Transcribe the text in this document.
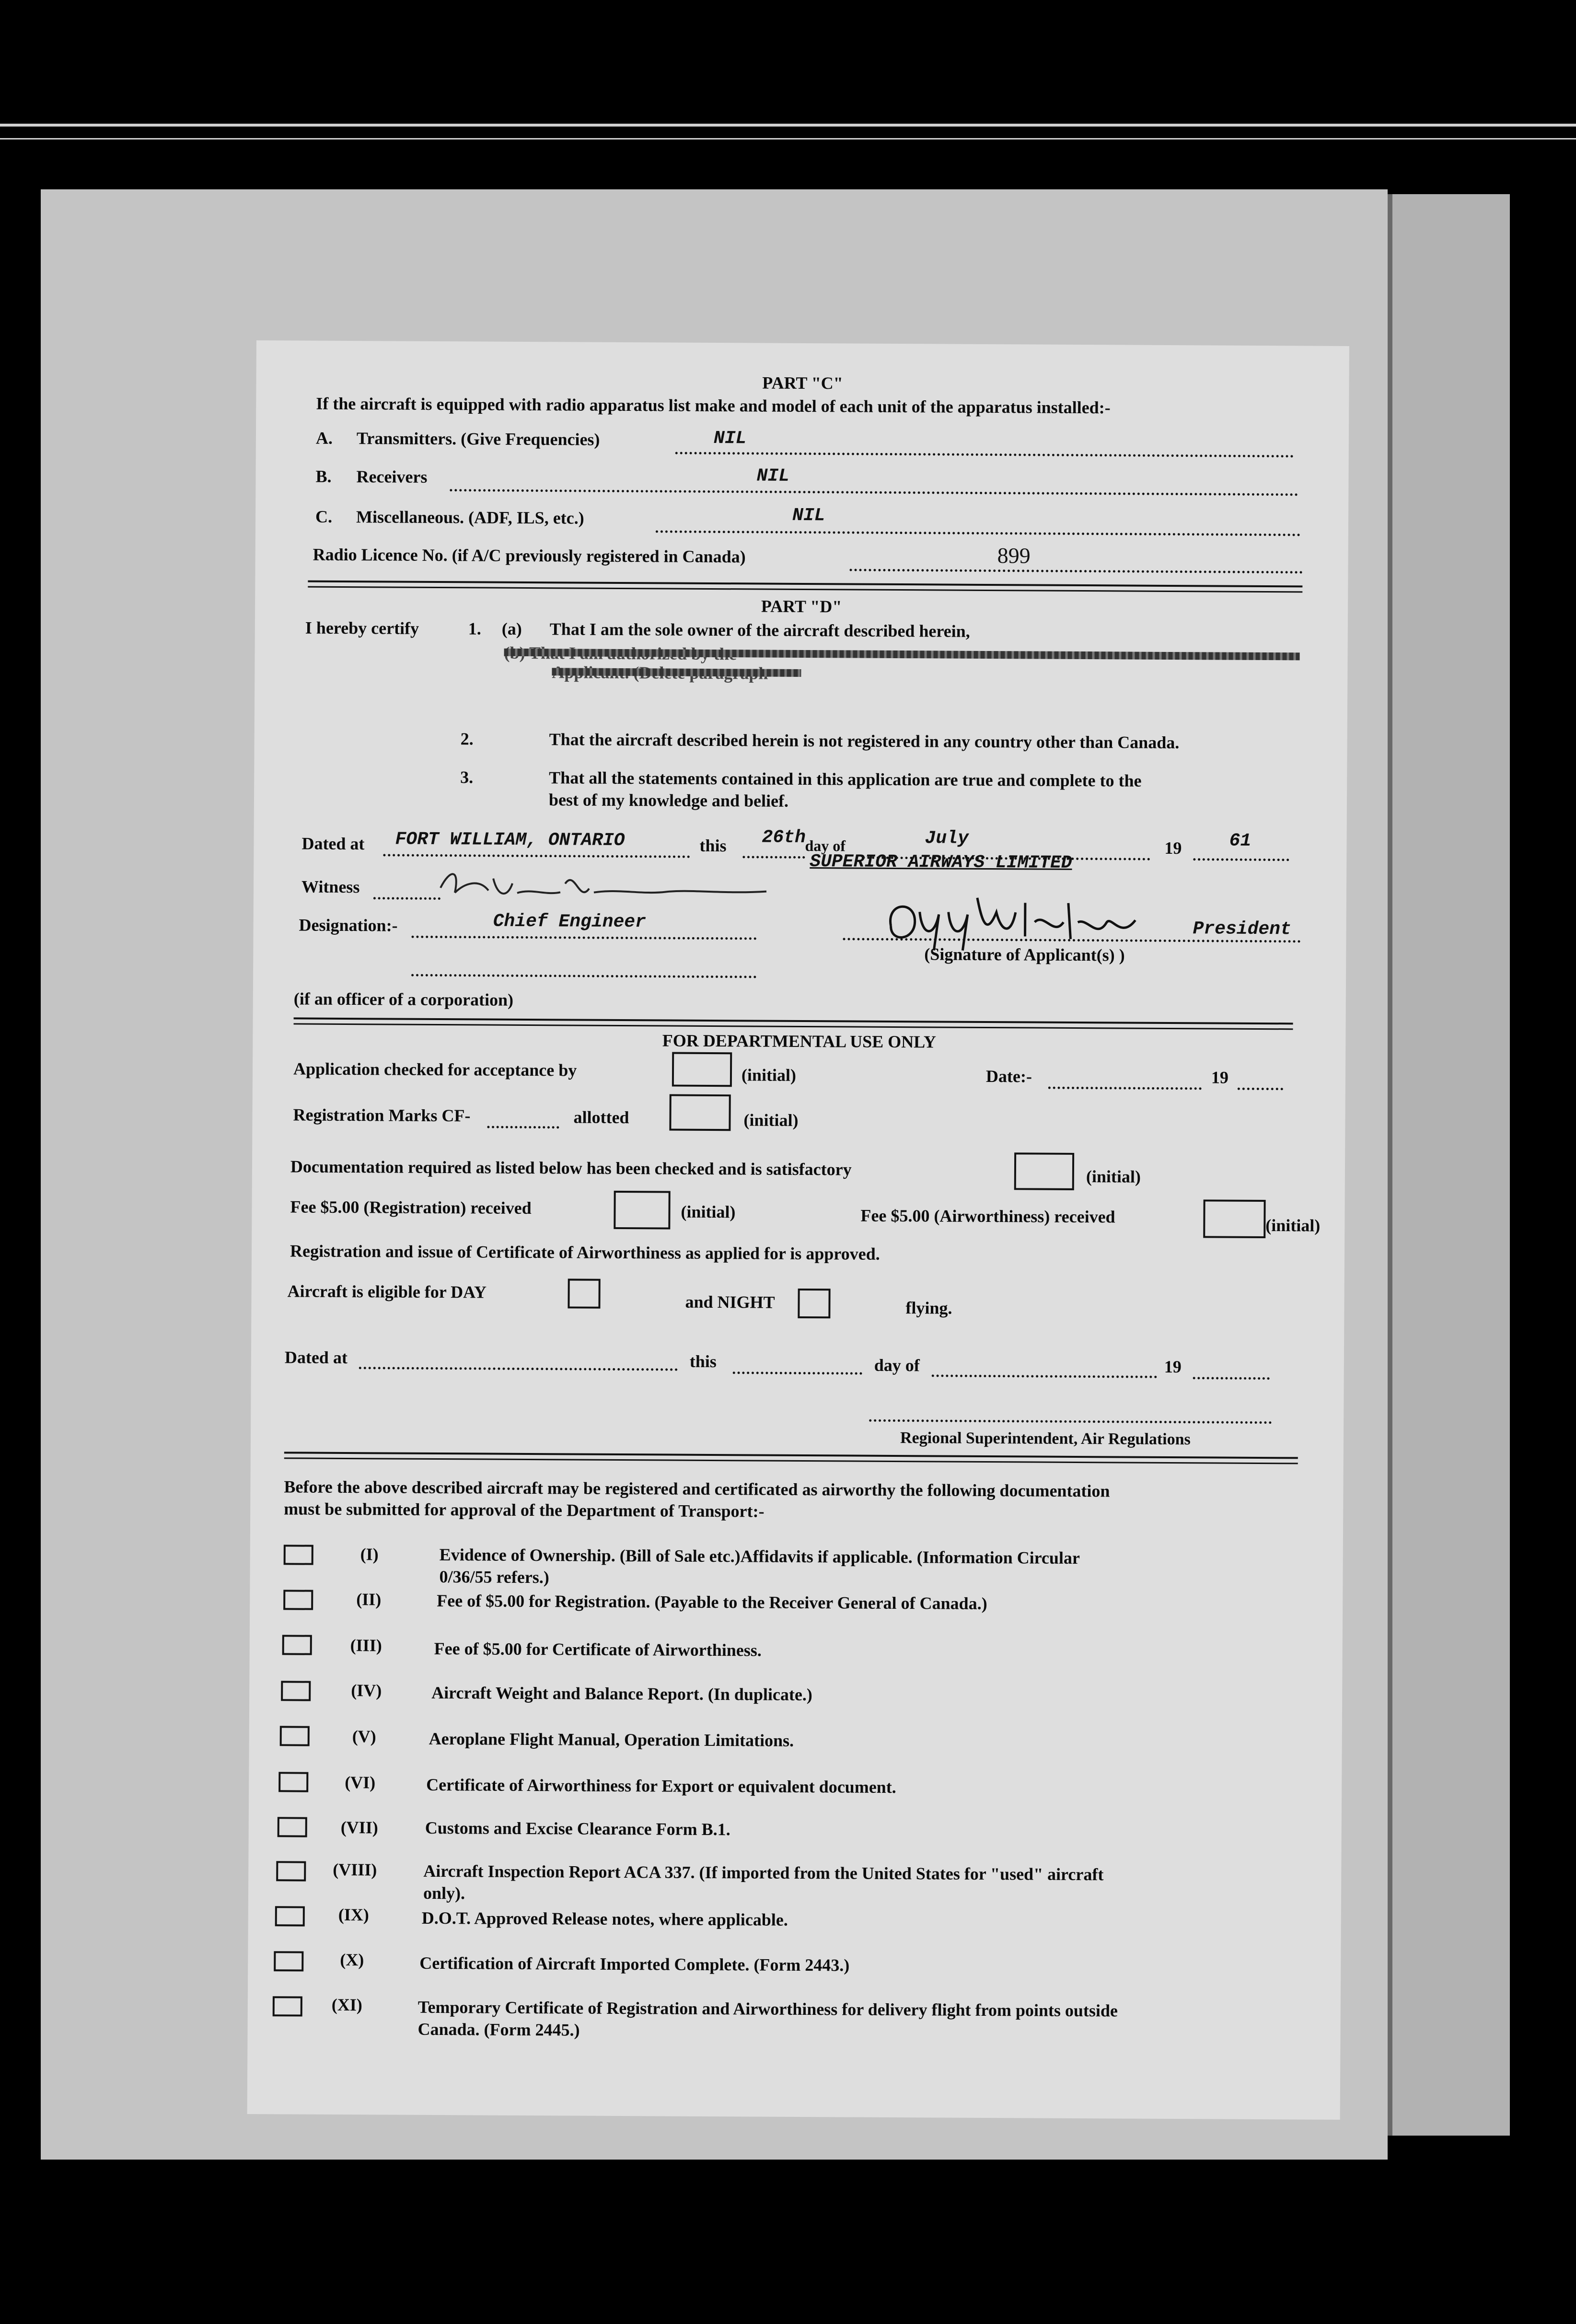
PART "C"
If the aircraft is equipped with radio apparatus list make and model of each unit of the apparatus installed:-
A. Transmitters. (Give Frequencies)	NIL
B. Receivers	NIL
C. Miscellaneous. (ADF, ILS, etc.)	NIL
Radio Licence No. (if A/C previously registered in Canada)	899
PART "D"
I hereby certify	1. (a) That I am the sole owner of the aircraft described herein,
2.	That the aircraft described herein is not registered in any country other than Canada.
3.	That all the statements contained in this application are true and complete to the
best of my knowledge and belief.
Dated at FORT WILLIAM, ONTARIO	this 26th
day of	July	19	61
SUPERIOR AIRWAYS LIMITED
Witness
Designation:-	Chief Engineer	President
(Signature of Applicant(s) )
(if an officer of a corporation)
FOR DEPARTMENTAL USE ONLY
Application checked for acceptance by	(initial)	Date:-	19
Registration Marks CF-	allotted	(initial)
Documentation required as listed below has been checked and is satisfactory	(initial)
Fee $5.00 (Registration) received	(initial)	Fee $5.00 (Airworthiness) received	(initial)
Registration and issue of Certificate of Airworthiness as applied for is approved.
Aircraft is eligible for DAY
and NIGHT	flying.
Dated at	this	day of	19
Regional Superintendent, Air Regulations
Before the above described aircraft may be registered and certificated as airworthy the following documentation
must be submitted for approval of the Department of Transport:-
(I)	Evidence of Ownership. (Bill of Sale etc.)Affidavits if applicable. (Information Circular
0/36/55 refers.)
(II)	Fee of $5.00 for Registration. (Payable to the Receiver General of Canada.)
(III)	Fee of $5.00 for Certificate of Airworthiness.
(IV)	Aircraft Weight and Balance Report. (In duplicate.)
(V)	Aeroplane Flight Manual, Operation Limitations.
(VI)	Certificate of Airworthiness for Export or equivalent document.
(VII)	Customs and Excise Clearance Form B.1.
(VIII)	Aircraft Inspection Report ACA 337. (If imported from the United States for "used" aircraft
only).
(IX)	D.O.T. Approved Release notes, where applicable.
(X)	Certification of Aircraft Imported Complete. (Form 2443.)
(XI)	Temporary Certificate of Registration and Airworthiness for delivery flight from points outside
Canada. (Form 2445.)
